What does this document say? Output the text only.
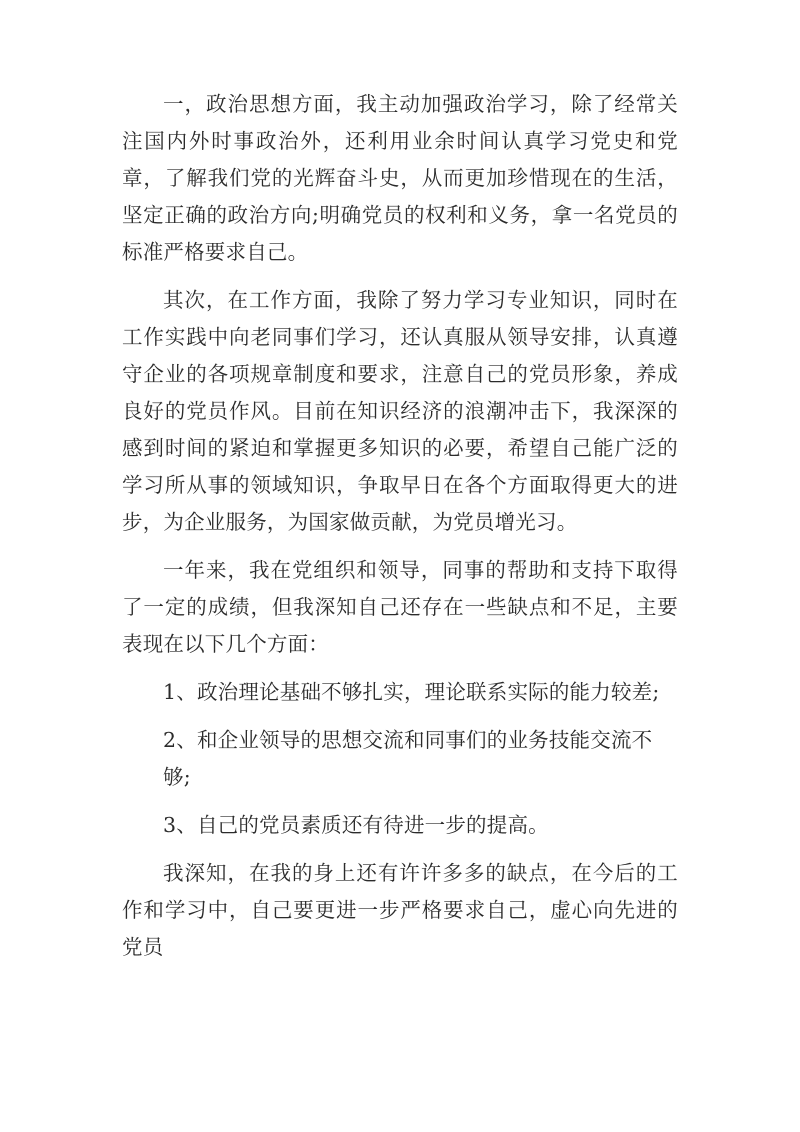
一，政治思想方面，我主动加强政治学习，除了经常关注国内外时事政治外，还利用业余时间认真学习党史和党章，了解我们党的光辉奋斗史，从而更加珍惜现在的生活，坚定正确的政治方向;明确党员的权利和义务，拿一名党员的标准严格要求自己。

其次，在工作方面，我除了努力学习专业知识，同时在工作实践中向老同事们学习，还认真服从领导安排，认真遵守企业的各项规章制度和要求，注意自己的党员形象，养成良好的党员作风。目前在知识经济的浪潮冲击下，我深深的感到时间的紧迫和掌握更多知识的必要，希望自己能广泛的学习所从事的领域知识，争取早日在各个方面取得更大的进步，为企业服务，为国家做贡献，为党员增光习。

一年来，我在党组织和领导，同事的帮助和支持下取得了一定的成绩，但我深知自己还存在一些缺点和不足，主要表现在以下几个方面：

1、政治理论基础不够扎实，理论联系实际的能力较差;

2、和企业领导的思想交流和同事们的业务技能交流不够;

3、自己的党员素质还有待进一步的提高。

我深知，在我的身上还有许许多多的缺点，在今后的工作和学习中，自己要更进一步严格要求自己，虚心向先进的党员
